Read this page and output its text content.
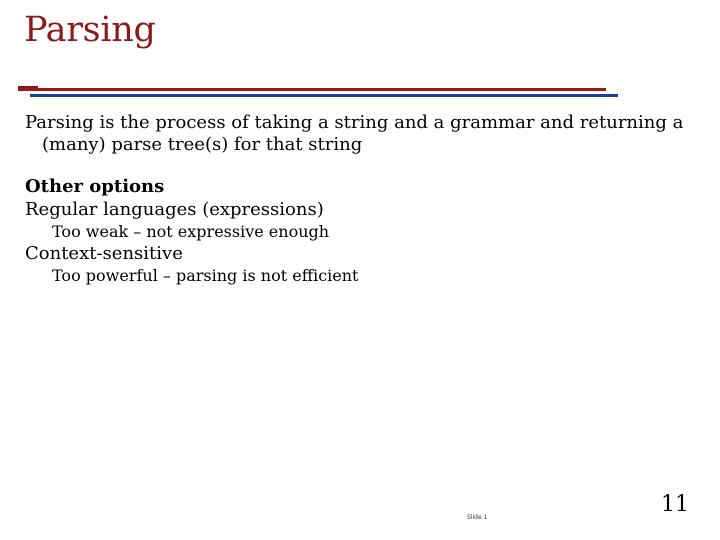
Parsing
Parsing is the process of taking a string and a grammar and returning a
(many) parse tree(s) for that string
Other options
Regular languages (expressions)
Too weak – not expressive enough
Context-sensitive
Too powerful – parsing is not efficient
Slide 1
11
